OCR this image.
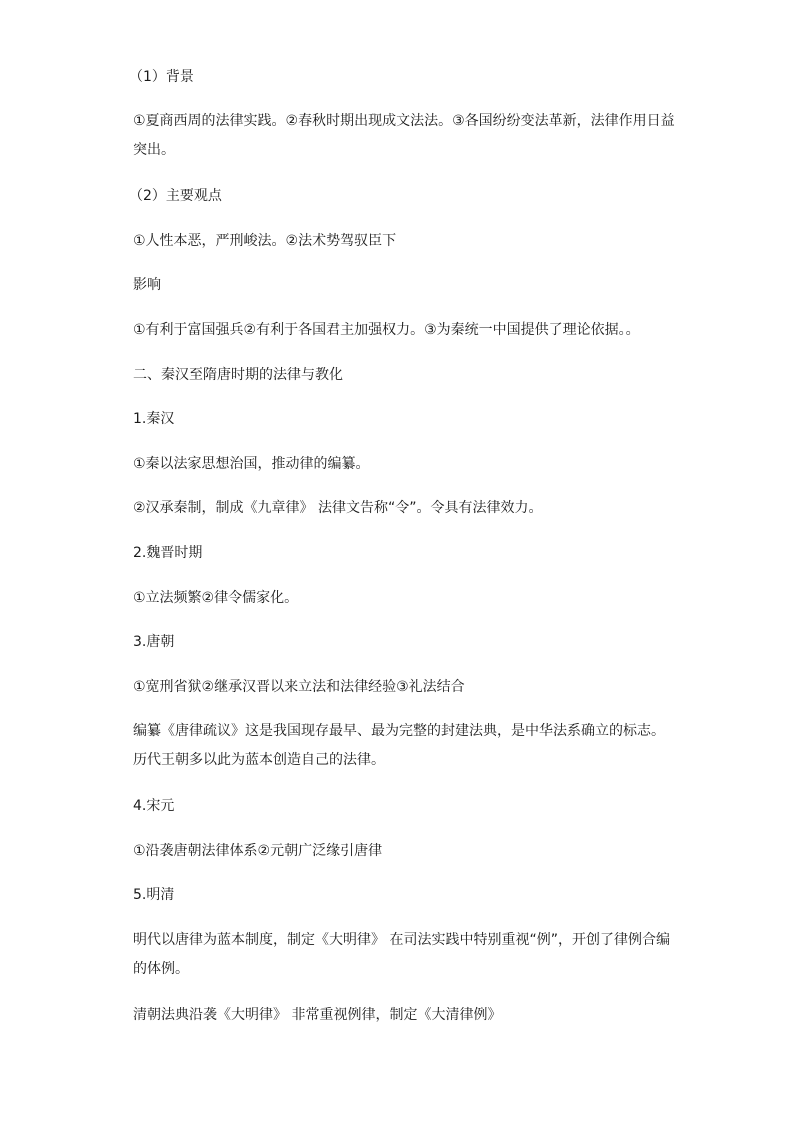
（1）背景
①夏商西周的法律实践。②春秋时期出现成文法法。③各国纷纷变法革新，法律作用日益突出。
（2）主要观点
①人性本恶，严刑峻法。②法术势驾驭臣下
影响
①有利于富国强兵②有利于各国君主加强权力。③为秦统一中国提供了理论依据。。
二、秦汉至隋唐时期的法律与教化
1.秦汉
①秦以法家思想治国，推动律的编纂。
②汉承秦制，制成《九章律》 法律文告称“令”。令具有法律效力。
2.魏晋时期
①立法频繁②律令儒家化。
3.唐朝
①宽刑省狱②继承汉晋以来立法和法律经验③礼法结合
编纂《唐律疏议》这是我国现存最早、最为完整的封建法典，是中华法系确立的标志。历代王朝多以此为蓝本创造自己的法律。
4.宋元
①沿袭唐朝法律体系②元朝广泛缘引唐律
5.明清
明代以唐律为蓝本制度，制定《大明律》 在司法实践中特别重视“例”，开创了律例合编的体例。
清朝法典沿袭《大明律》 非常重视例律，制定《大清律例》
